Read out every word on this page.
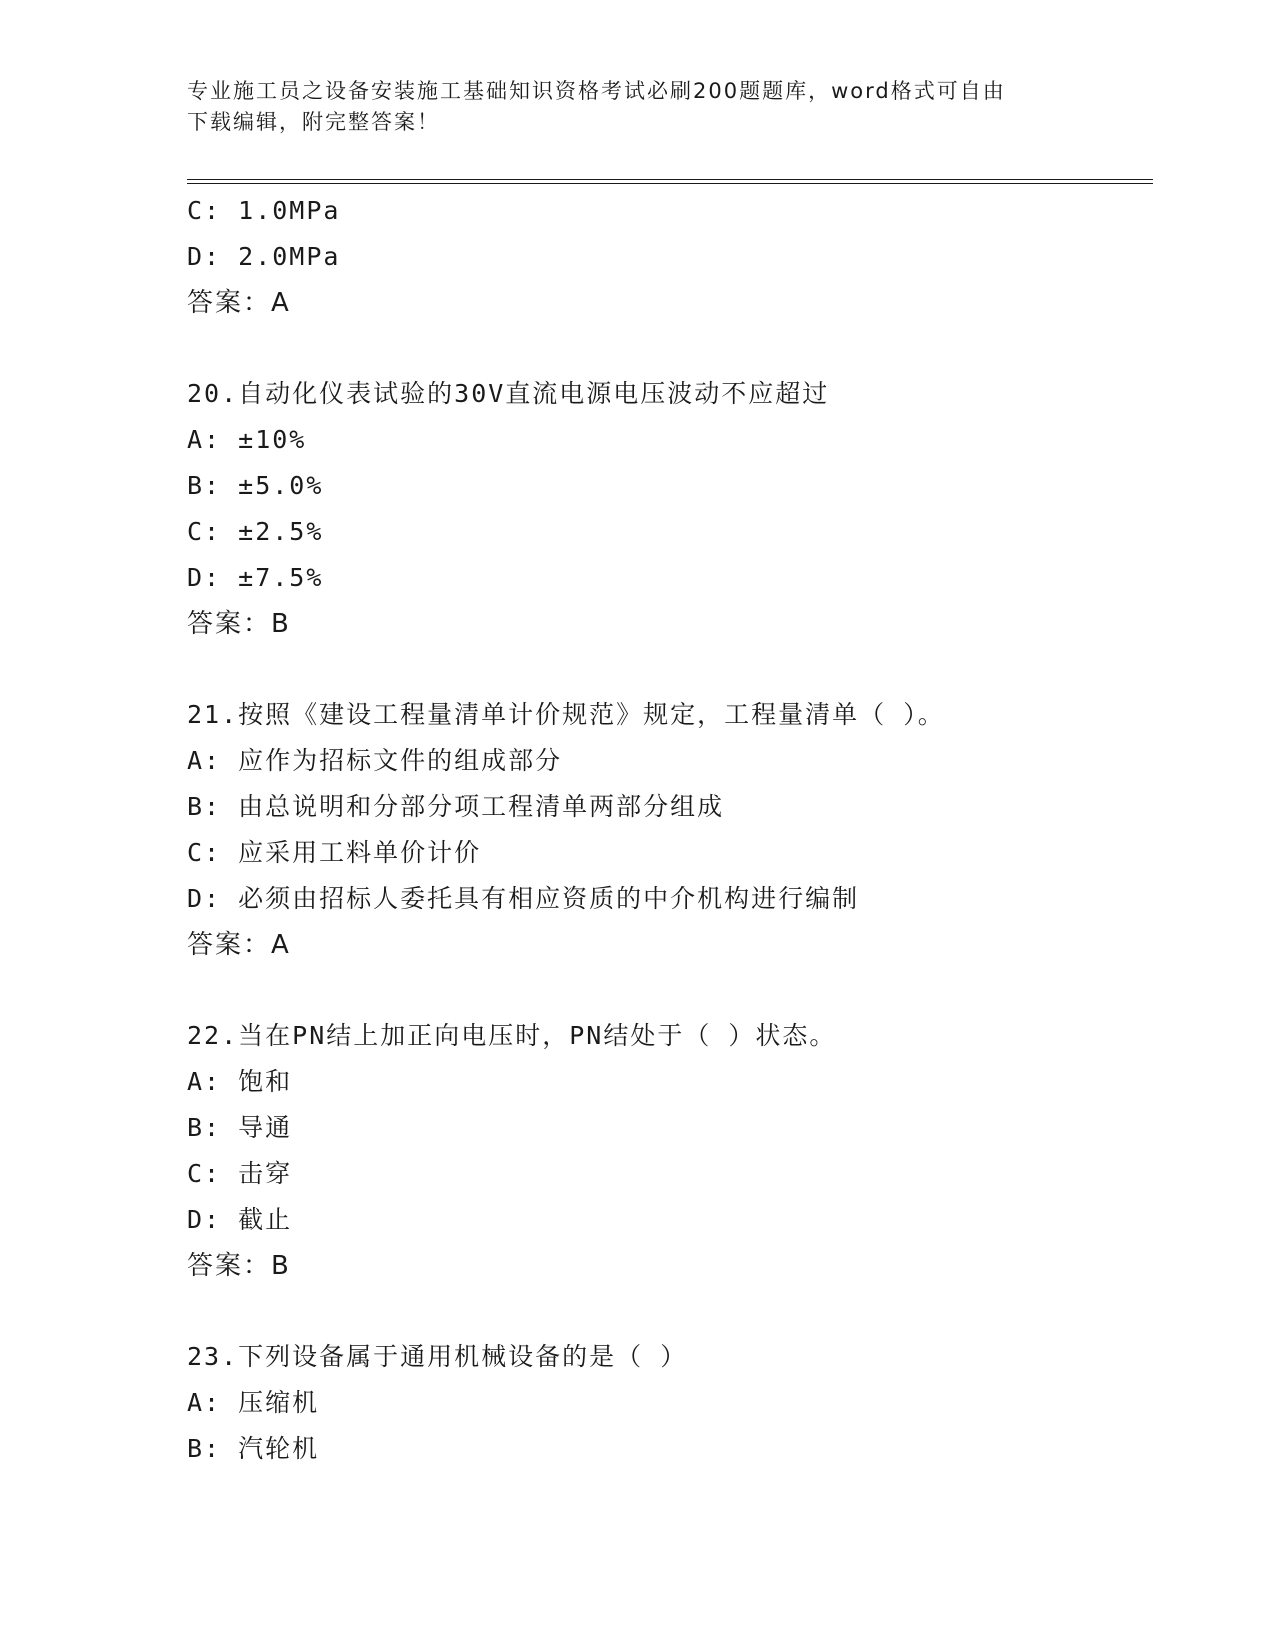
专业施工员之设备安装施工基础知识资格考试必刷200题题库，word格式可自由
下载编辑，附完整答案！
C: 1.0MPa
D: 2.0MPa
答案：A
20.自动化仪表试验的30V直流电源电压波动不应超过
A: ±10%
B: ±5.0%
C: ±2.5%
D: ±7.5%
答案：B
21.按照《建设工程量清单计价规范》规定，工程量清单（ ）。
A: 应作为招标文件的组成部分
B: 由总说明和分部分项工程清单两部分组成
C: 应采用工料单价计价
D: 必须由招标人委托具有相应资质的中介机构进行编制
答案：A
22.当在PN结上加正向电压时，PN结处于（ ）状态。
A: 饱和
B: 导通
C: 击穿
D: 截止
答案：B
23.下列设备属于通用机械设备的是（ ）
A: 压缩机
B: 汽轮机
